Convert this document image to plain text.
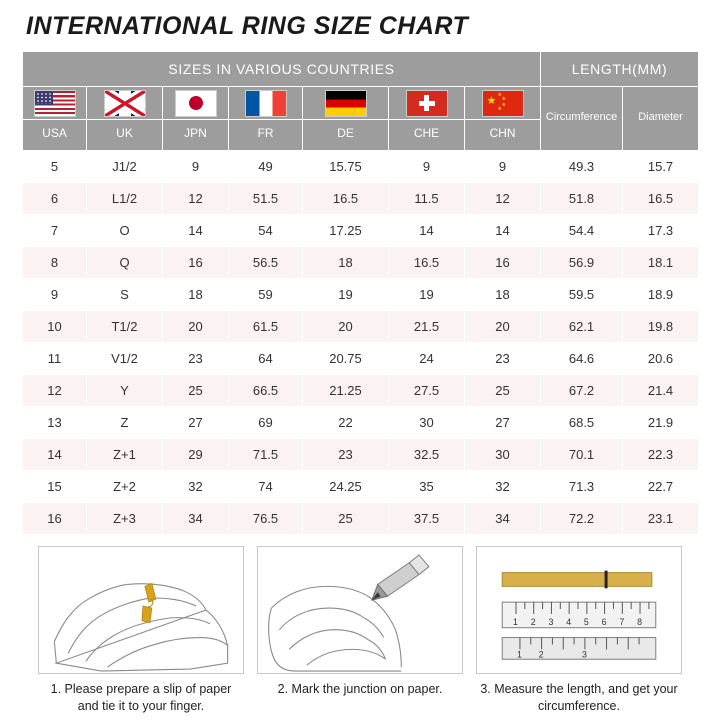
INTERNATIONAL RING SIZE CHART
SIZES IN VARIOUS COUNTRIES							LENGTH(MM)	

						★ ★
★
★
★	Circumference	Diameter
USA	UK	JPN	FR	DE	CHE	CHN		
5	J1/2	9	49	15.75	9	9	49.3	15.7
6	L1/2	12	51.5	16.5	11.5	12	51.8	16.5
7	O	14	54	17.25	14	14	54.4	17.3
8	Q	16	56.5	18	16.5	16	56.9	18.1
9	S	18	59	19	19	18	59.5	18.9
10	T1/2	20	61.5	20	21.5	20	62.1	19.8
11	V1/2	23	64	20.75	24	23	64.6	20.6
12	Y	25	66.5	21.25	27.5	25	67.2	21.4
13	Z	27	69	22	30	27	68.5	21.9
14	Z+1	29	71.5	23	32.5	30	70.1	22.3
15	Z+2	32	74	24.25	35	32	71.3	22.7
16	Z+3	34	76.5	25	37.5	34	72.2	23.1
1. Please prepare a slip of paper and tie it to your finger.
2. Mark the junction on paper.
1 2 3 4 5 6 7 8
1 2	3
3. Measure the length, and get your circumference.
